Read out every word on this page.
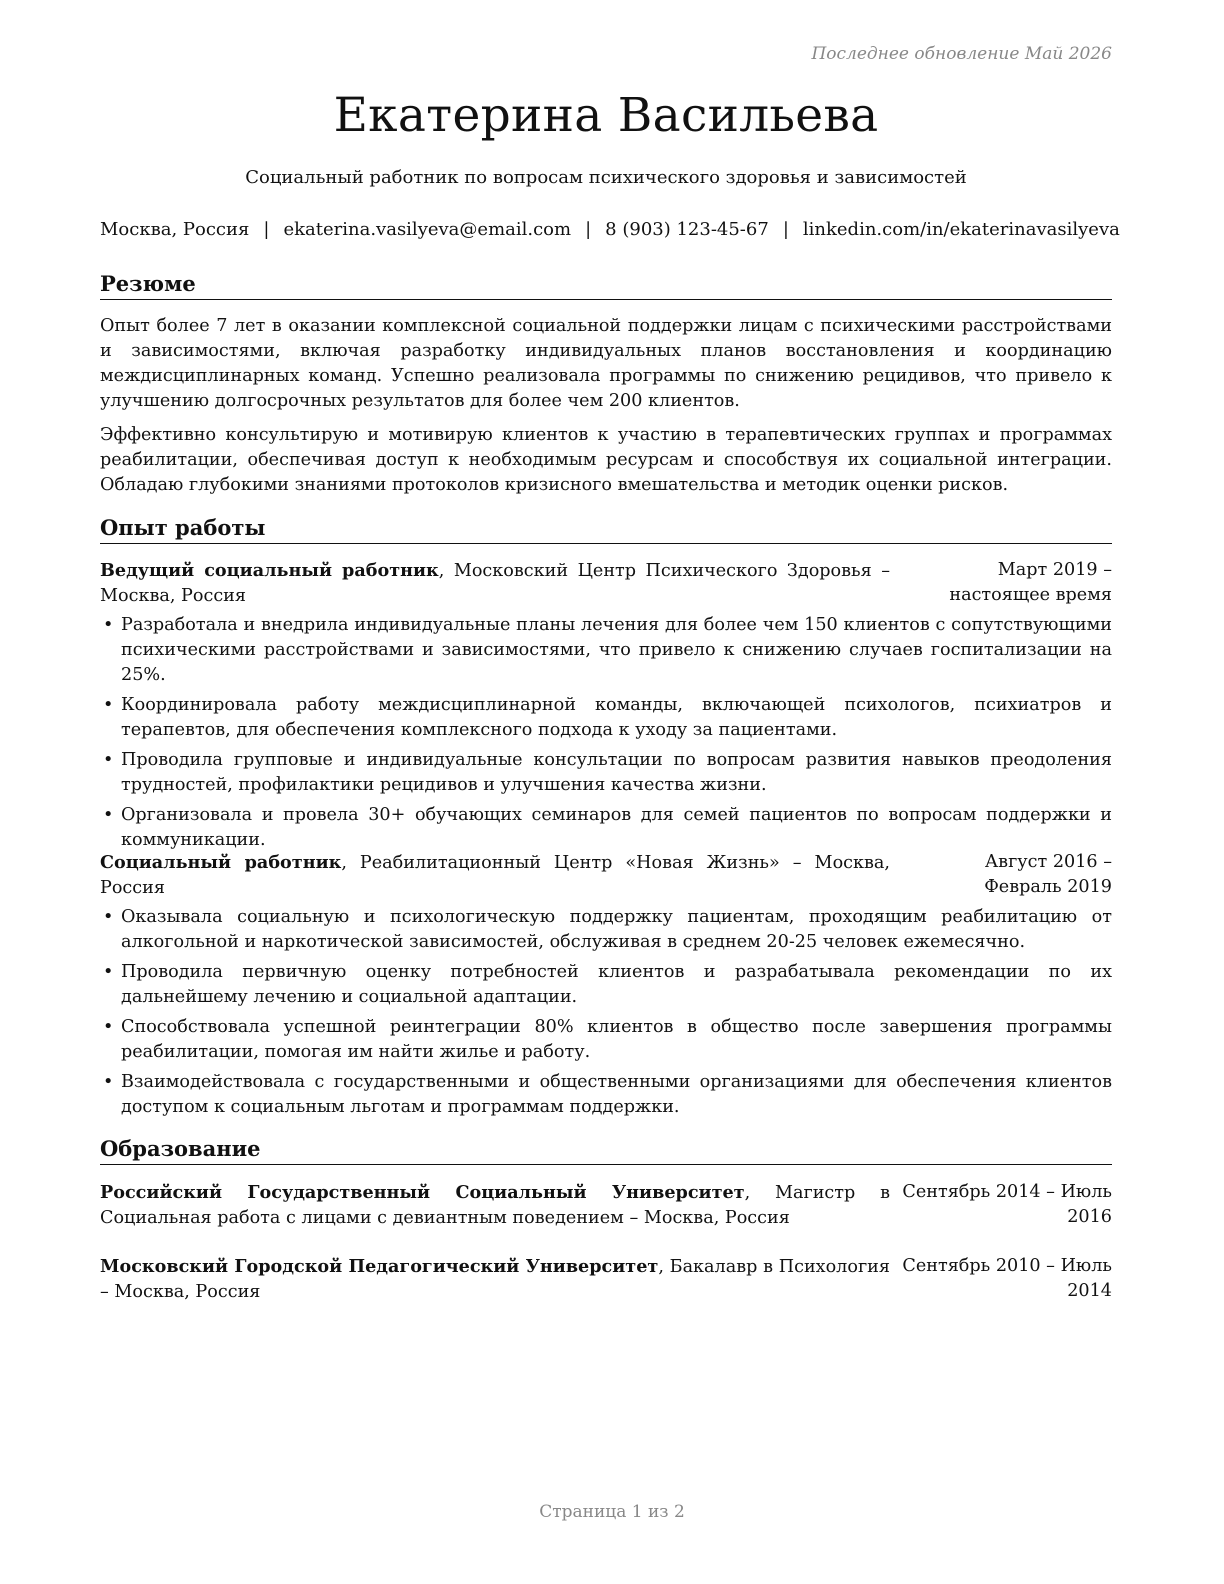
Последнее обновление Май 2026
Екатерина Васильева
Социальный работник по вопросам психического здоровья и зависимостей
Москва, Россия | ekaterina.vasilyeva@email.com | 8 (903) 123-45-67 | linkedin.com/in/ekaterinavasilyeva
Резюме

Опыт более 7 лет в оказании комплексной социальной поддержки лицам с психическими расстройствами и зависимостями, включая разработку индивидуальных планов восстановления и координацию междисциплинарных команд. Успешно реализовала программы по снижению рецидивов, что привело к улучшению долгосрочных результатов для более чем 200 клиентов.

Эффективно консультирую и мотивирую клиентов к участию в терапевтических группах и программах реабилитации, обеспечивая доступ к необходимым ресурсам и способствуя их социальной интеграции. Обладаю глубокими знаниями протоколов кризисного вмешательства и методик оценки рисков.

Опыт работы
Ведущий социальный работник, Московский Центр Психического Здоровья – Москва, Россия
Март 2019 – настоящее время
• Разработала и внедрила индивидуальные планы лечения для более чем 150 клиентов с сопутствующими психическими расстройствами и зависимостями, что привело к снижению случаев госпитализации на 25%.
• Координировала работу междисциплинарной команды, включающей психологов, психиатров и терапевтов, для обеспечения комплексного подхода к уходу за пациентами.
• Проводила групповые и индивидуальные консультации по вопросам развития навыков преодоления трудностей, профилактики рецидивов и улучшения качества жизни.
• Организовала и провела 30+ обучающих семинаров для семей пациентов по вопросам поддержки и коммуникации.
Социальный работник, Реабилитационный Центр «Новая Жизнь» – Москва, Россия
Август 2016 – Февраль 2019
• Оказывала социальную и психологическую поддержку пациентам, проходящим реабилитацию от алкогольной и наркотической зависимостей, обслуживая в среднем 20-25 человек ежемесячно.
• Проводила первичную оценку потребностей клиентов и разрабатывала рекомендации по их дальнейшему лечению и социальной адаптации.
• Способствовала успешной реинтеграции 80% клиентов в общество после завершения программы реабилитации, помогая им найти жилье и работу.
• Взаимодействовала с государственными и общественными организациями для обеспечения клиентов доступом к социальным льготам и программам поддержки.
Образование
Российский Государственный Социальный Университет, Магистр в Социальная работа с лицами с девиантным поведением – Москва, Россия
Сентябрь 2014 – Июль 2016
Московский Городской Педагогический Университет, Бакалавр в Психология – Москва, Россия
Сентябрь 2010 – Июль 2014
Страница 1 из 2
